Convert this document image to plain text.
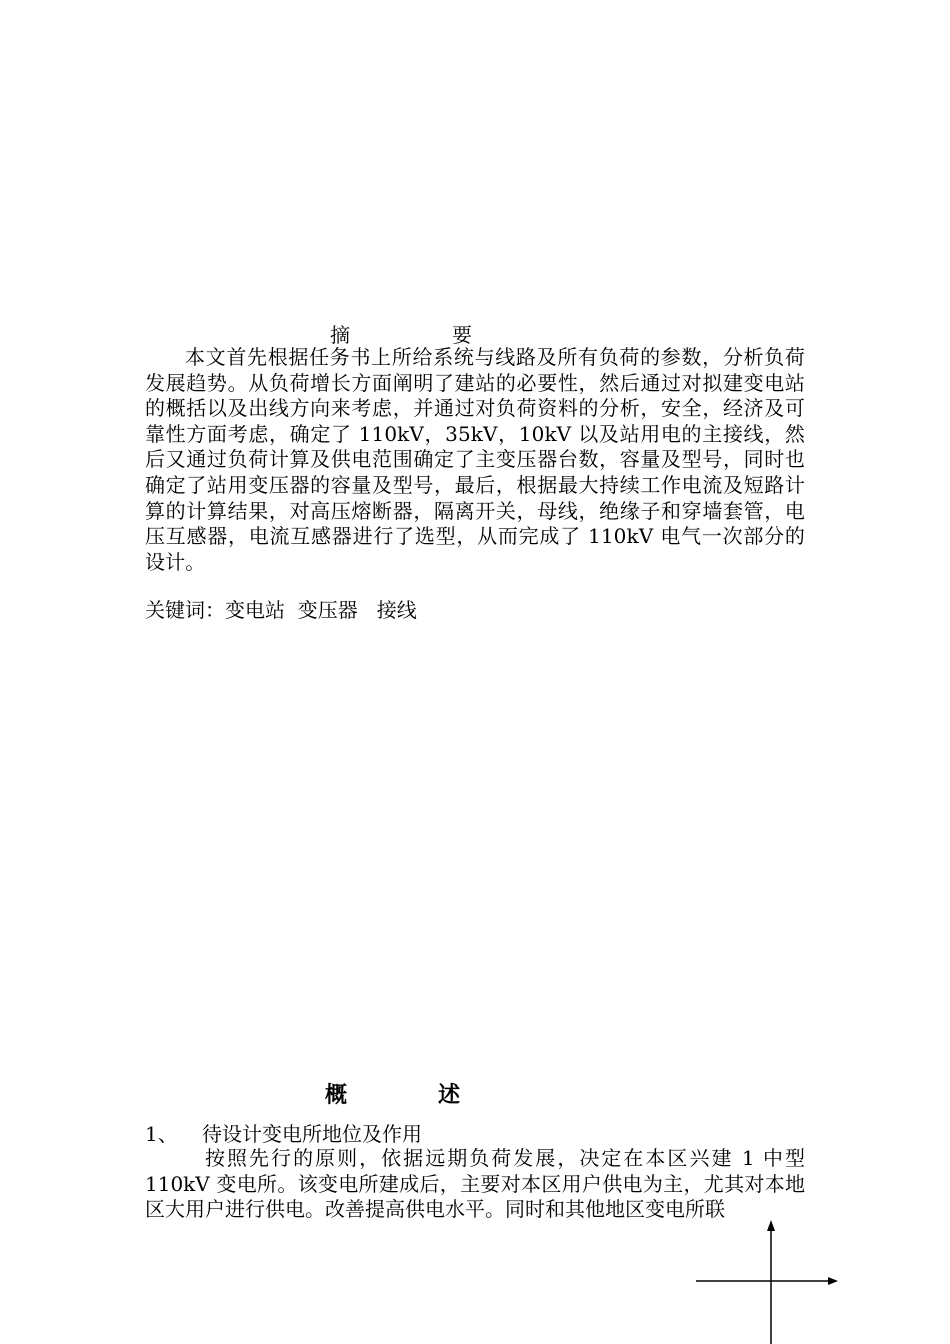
摘	要

本文首先根据任务书上所给系统与线路及所有负荷的参数，分析负荷发展趋势。从负荷增长方面阐明了建站的必要性，然后通过对拟建变电站的概括以及出线方向来考虑，并通过对负荷资料的分析，安全，经济及可靠性方面考虑，确定了 110kV，35kV，10kV 以及站用电的主接线，然后又通过负荷计算及供电范围确定了主变压器台数，容量及型号，同时也确定了站用变压器的容量及型号，最后，根据最大持续工作电流及短路计算的计算结果，对高压熔断器，隔离开关，母线，绝缘子和穿墙套管，电压互感器，电流互感器进行了选型，从而完成了 110kV 电气一次部分的设计。

关键词：变电站  变压器   接线
概	述
1、 待设计变电所地位及作用

按照先行的原则，依据远期负荷发展，决定在本区兴建 1 中型 110kV 变电所。该变电所建成后，主要对本区用户供电为主，尤其对本地区大用户进行供电。改善提高供电水平。同时和其他地区变电所联
